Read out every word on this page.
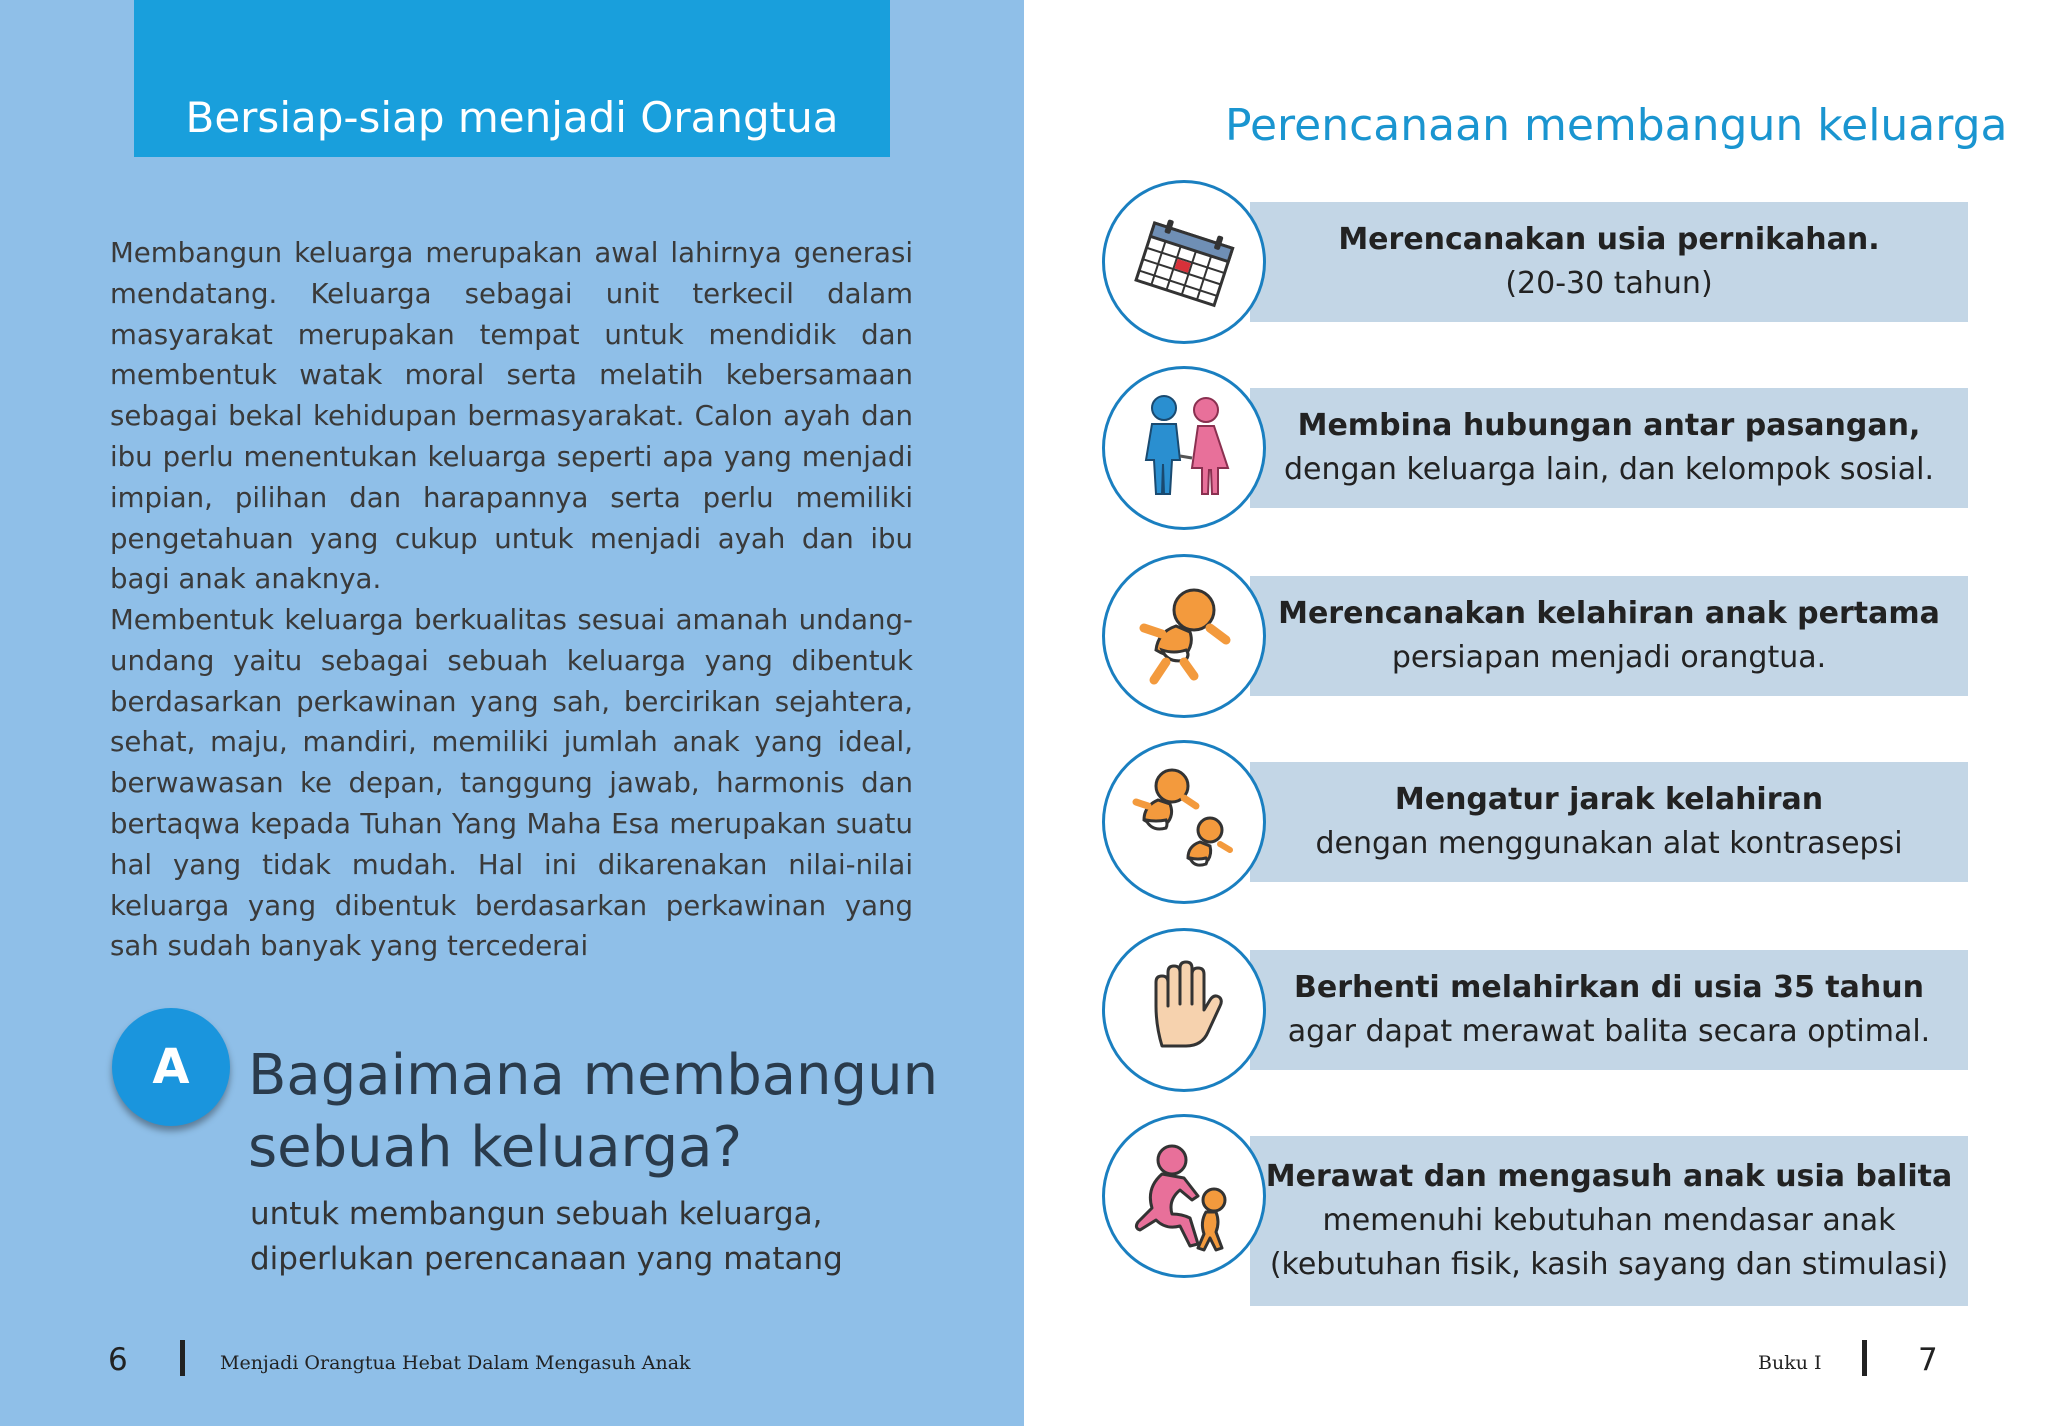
Bersiap-siap menjadi Orangtua

Membangun keluarga merupakan awal lahirnya generasi mendatang. Keluarga sebagai unit terkecil dalam masyarakat merupakan tempat untuk mendidik dan membentuk watak moral serta melatih kebersamaan sebagai bekal kehidupan bermasyarakat. Calon ayah dan ibu perlu menentukan keluarga seperti apa yang menjadi impian, pilihan dan harapannya serta perlu memiliki pengetahuan yang cukup untuk menjadi ayah dan ibu bagi anak anaknya.

Membentuk keluarga berkualitas sesuai amanah undang-undang yaitu sebagai sebuah keluarga yang dibentuk berdasarkan perkawinan yang sah, bercirikan sejahtera, sehat, maju, mandiri, memiliki jumlah anak yang ideal, berwawasan ke depan, tanggung jawab, harmonis dan bertaqwa kepada Tuhan Yang Maha Esa merupakan suatu hal yang tidak mudah. Hal ini dikarenakan nilai-nilai keluarga yang dibentuk berdasarkan perkawinan yang sah sudah banyak yang tercederai

A	Bagaimana membangun
sebuah keluarga?
untuk membangun sebuah keluarga,
diperlukan perencanaan yang matang
6	Menjadi Orangtua Hebat Dalam Mengasuh Anak
Perencanaan membangun keluarga
Merencanakan usia pernikahan.
(20-30 tahun)
Membina hubungan antar pasangan,
dengan keluarga lain, dan kelompok sosial.
Merencanakan kelahiran anak pertama
persiapan menjadi orangtua.
Mengatur jarak kelahiran
dengan menggunakan alat kontrasepsi
Berhenti melahirkan di usia 35 tahun
agar dapat merawat balita secara optimal.
Merawat dan mengasuh anak usia balita
memenuhi kebutuhan mendasar anak
(kebutuhan fisik, kasih sayang dan stimulasi)
Buku I	7
